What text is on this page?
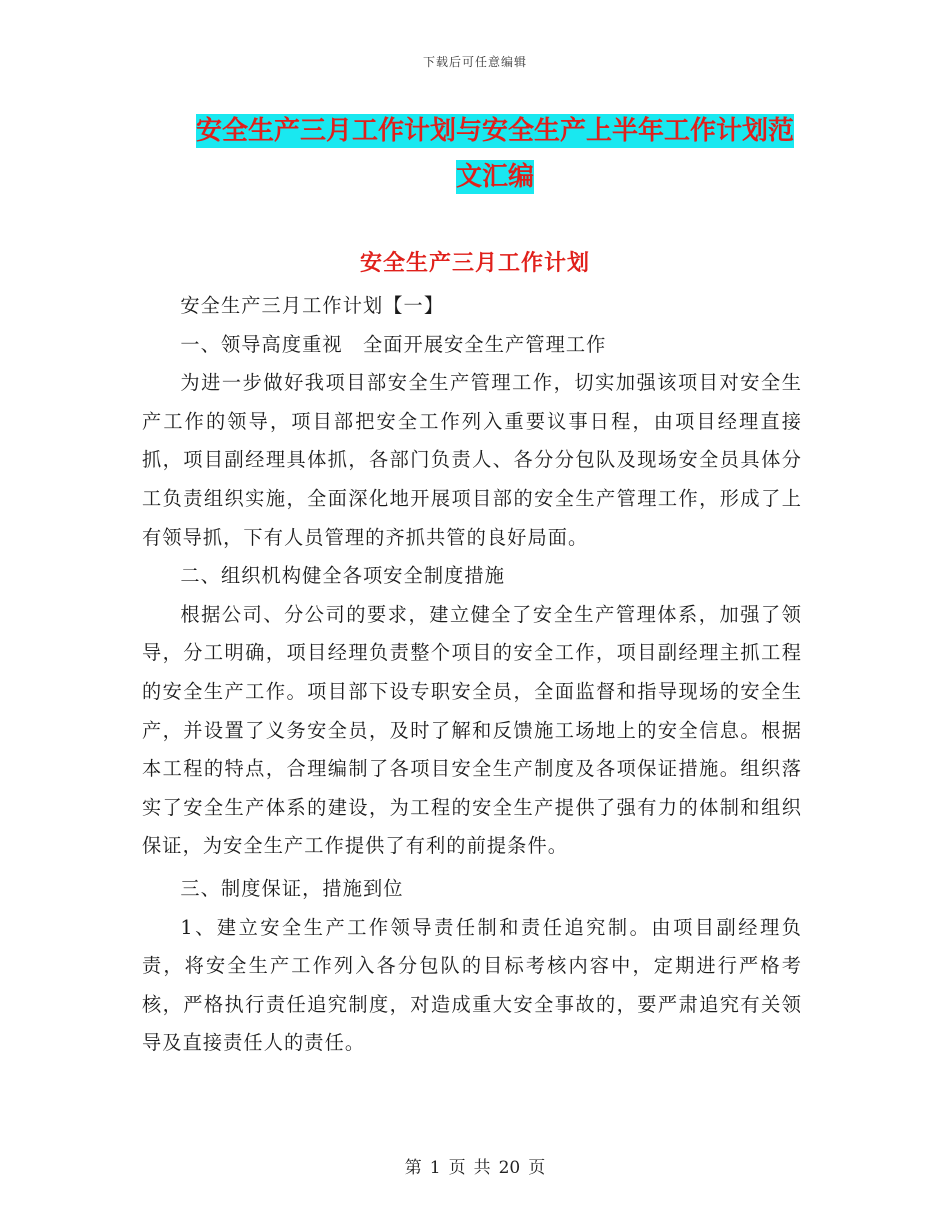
下载后可任意编辑
安全生产三月工作计划与安全生产上半年工作计划范
文汇编
安全生产三月工作计划

安全生产三月工作计划【一】

一、领导高度重视　全面开展安全生产管理工作

为进一步做好我项目部安全生产管理工作，切实加强该项目对安全生产工作的领导，项目部把安全工作列入重要议事日程，由项目经理直接抓，项目副经理具体抓，各部门负责人、各分分包队及现场安全员具体分工负责组织实施，全面深化地开展项目部的安全生产管理工作，形成了上有领导抓，下有人员管理的齐抓共管的良好局面。

二、组织机构健全各项安全制度措施

根据公司、分公司的要求，建立健全了安全生产管理体系，加强了领导，分工明确，项目经理负责整个项目的安全工作，项目副经理主抓工程的安全生产工作。项目部下设专职安全员，全面监督和指导现场的安全生产，并设置了义务安全员，及时了解和反馈施工场地上的安全信息。根据本工程的特点，合理编制了各项目安全生产制度及各项保证措施。组织落实了安全生产体系的建设，为工程的安全生产提供了强有力的体制和组织保证，为安全生产工作提供了有利的前提条件。

三、制度保证，措施到位

1、建立安全生产工作领导责任制和责任追究制。由项目副经理负责，将安全生产工作列入各分包队的目标考核内容中，定期进行严格考核，严格执行责任追究制度，对造成重大安全事故的，要严肃追究有关领导及直接责任人的责任。

第 1 页 共 20 页
